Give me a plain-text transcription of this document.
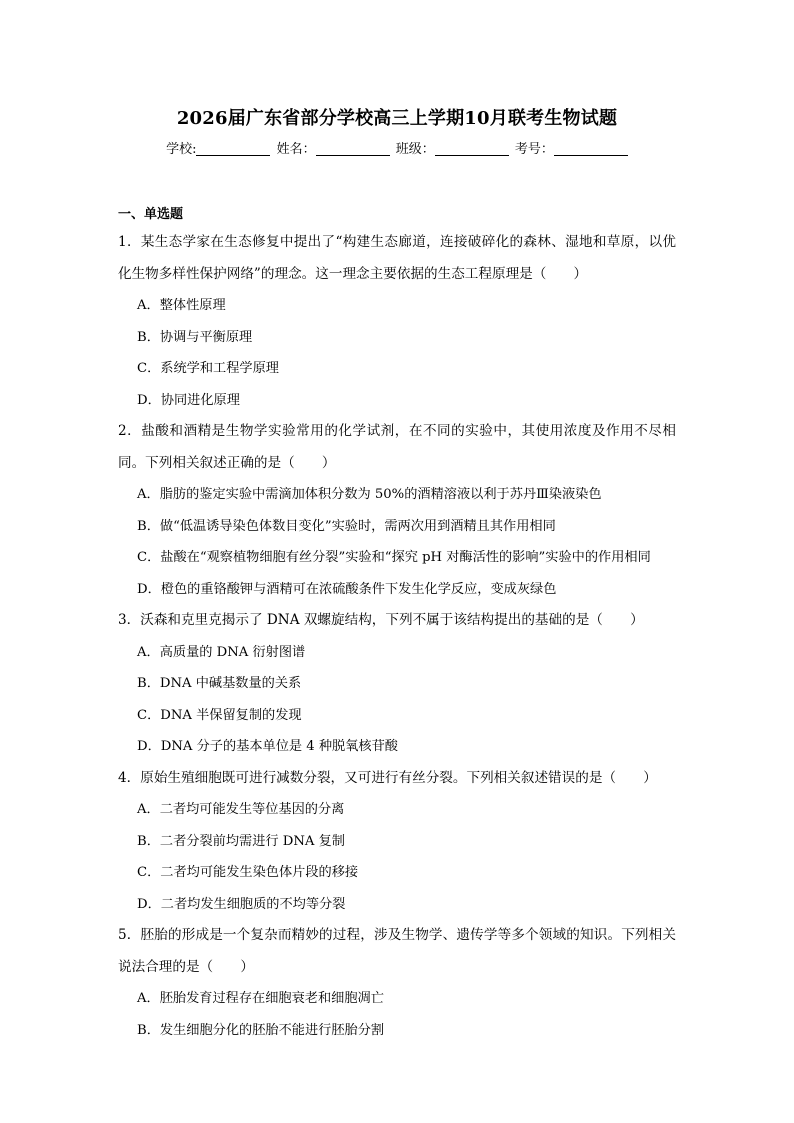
2026届广东省部分学校高三上学期10月联考生物试题
学校:	姓名：	班级：	考号：
一、单选题
1．某生态学家在生态修复中提出了“构建生态廊道，连接破碎化的森林、湿地和草原，以优化生物多样性保护网络”的理念。这一理念主要依据的生态工程原理是（　　）
A．整体性原理
B．协调与平衡原理
C．系统学和工程学原理
D．协同进化原理
2．盐酸和酒精是生物学实验常用的化学试剂，在不同的实验中，其使用浓度及作用不尽相同。下列相关叙述正确的是（　　）
A．脂肪的鉴定实验中需滴加体积分数为 50%的酒精溶液以利于苏丹Ⅲ染液染色
B．做“低温诱导染色体数目变化”实验时，需两次用到酒精且其作用相同
C．盐酸在“观察植物细胞有丝分裂”实验和“探究 pH 对酶活性的影响”实验中的作用相同
D．橙色的重铬酸钾与酒精可在浓硫酸条件下发生化学反应，变成灰绿色
3．沃森和克里克揭示了 DNA 双螺旋结构，下列不属于该结构提出的基础的是（　　）
A．高质量的 DNA 衍射图谱
B．DNA 中碱基数量的关系
C．DNA 半保留复制的发现
D．DNA 分子的基本单位是 4 种脱氧核苷酸
4．原始生殖细胞既可进行减数分裂，又可进行有丝分裂。下列相关叙述错误的是（　　）
A．二者均可能发生等位基因的分离
B．二者分裂前均需进行 DNA 复制
C．二者均可能发生染色体片段的移接
D．二者均发生细胞质的不均等分裂
5．胚胎的形成是一个复杂而精妙的过程，涉及生物学、遗传学等多个领域的知识。下列相关说法合理的是（　　）
A．胚胎发育过程存在细胞衰老和细胞凋亡
B．发生细胞分化的胚胎不能进行胚胎分割
